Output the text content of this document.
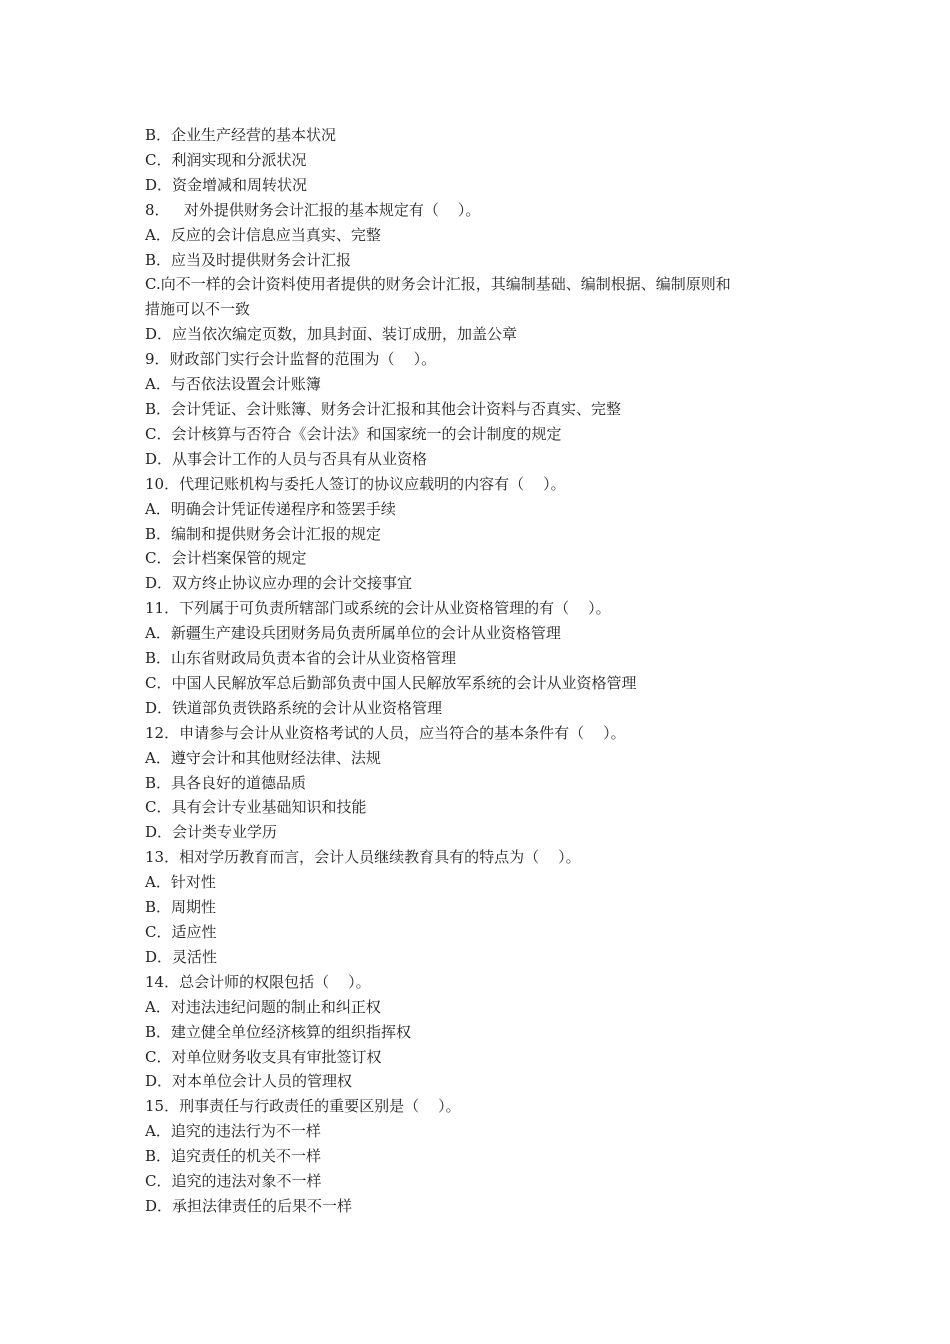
B．企业生产经营的基本状况

C．利润实现和分派状况

D．资金增减和周转状况

8．   对外提供财务会计汇报的基本规定有（    ）。

A．反应的会计信息应当真实、完整

B．应当及时提供财务会计汇报

C.向不一样的会计资料使用者提供的财务会计汇报，其编制基础、编制根据、编制原则和

措施可以不一致

D．应当依次编定页数，加具封面、装订成册，加盖公章

9．财政部门实行会计监督的范围为（    ）。

A．与否依法设置会计账簿

B．会计凭证、会计账簿、财务会计汇报和其他会计资料与否真实、完整

C．会计核算与否符合《会计法》和国家统一的会计制度的规定

D．从事会计工作的人员与否具有从业资格

10．代理记账机构与委托人签订的协议应载明的内容有（    ）。

A．明确会计凭证传递程序和签罢手续

B．编制和提供财务会计汇报的规定

C．会计档案保管的规定

D．双方终止协议应办理的会计交接事宜

11．下列属于可负责所辖部门或系统的会计从业资格管理的有（    ）。

A．新疆生产建设兵团财务局负责所属单位的会计从业资格管理

B．山东省财政局负责本省的会计从业资格管理

C．中国人民解放军总后勤部负责中国人民解放军系统的会计从业资格管理

D．铁道部负责铁路系统的会计从业资格管理

12．申请参与会计从业资格考试的人员，应当符合的基本条件有（    ）。

A．遵守会计和其他财经法律、法规

B．具各良好的道德品质

C．具有会计专业基础知识和技能

D．会计类专业学历

13．相对学历教育而言，会计人员继续教育具有的特点为（    ）。

A．针对性

B．周期性

C．适应性

D．灵活性

14．总会计师的权限包括（    ）。

A．对违法违纪问题的制止和纠正权

B．建立健全单位经济核算的组织指挥权

C．对单位财务收支具有审批签订权

D．对本单位会计人员的管理权

15．刑事责任与行政责任的重要区别是（    ）。

A．追究的违法行为不一样

B．追究责任的机关不一样

C．追究的违法对象不一样

D．承担法律责任的后果不一样
